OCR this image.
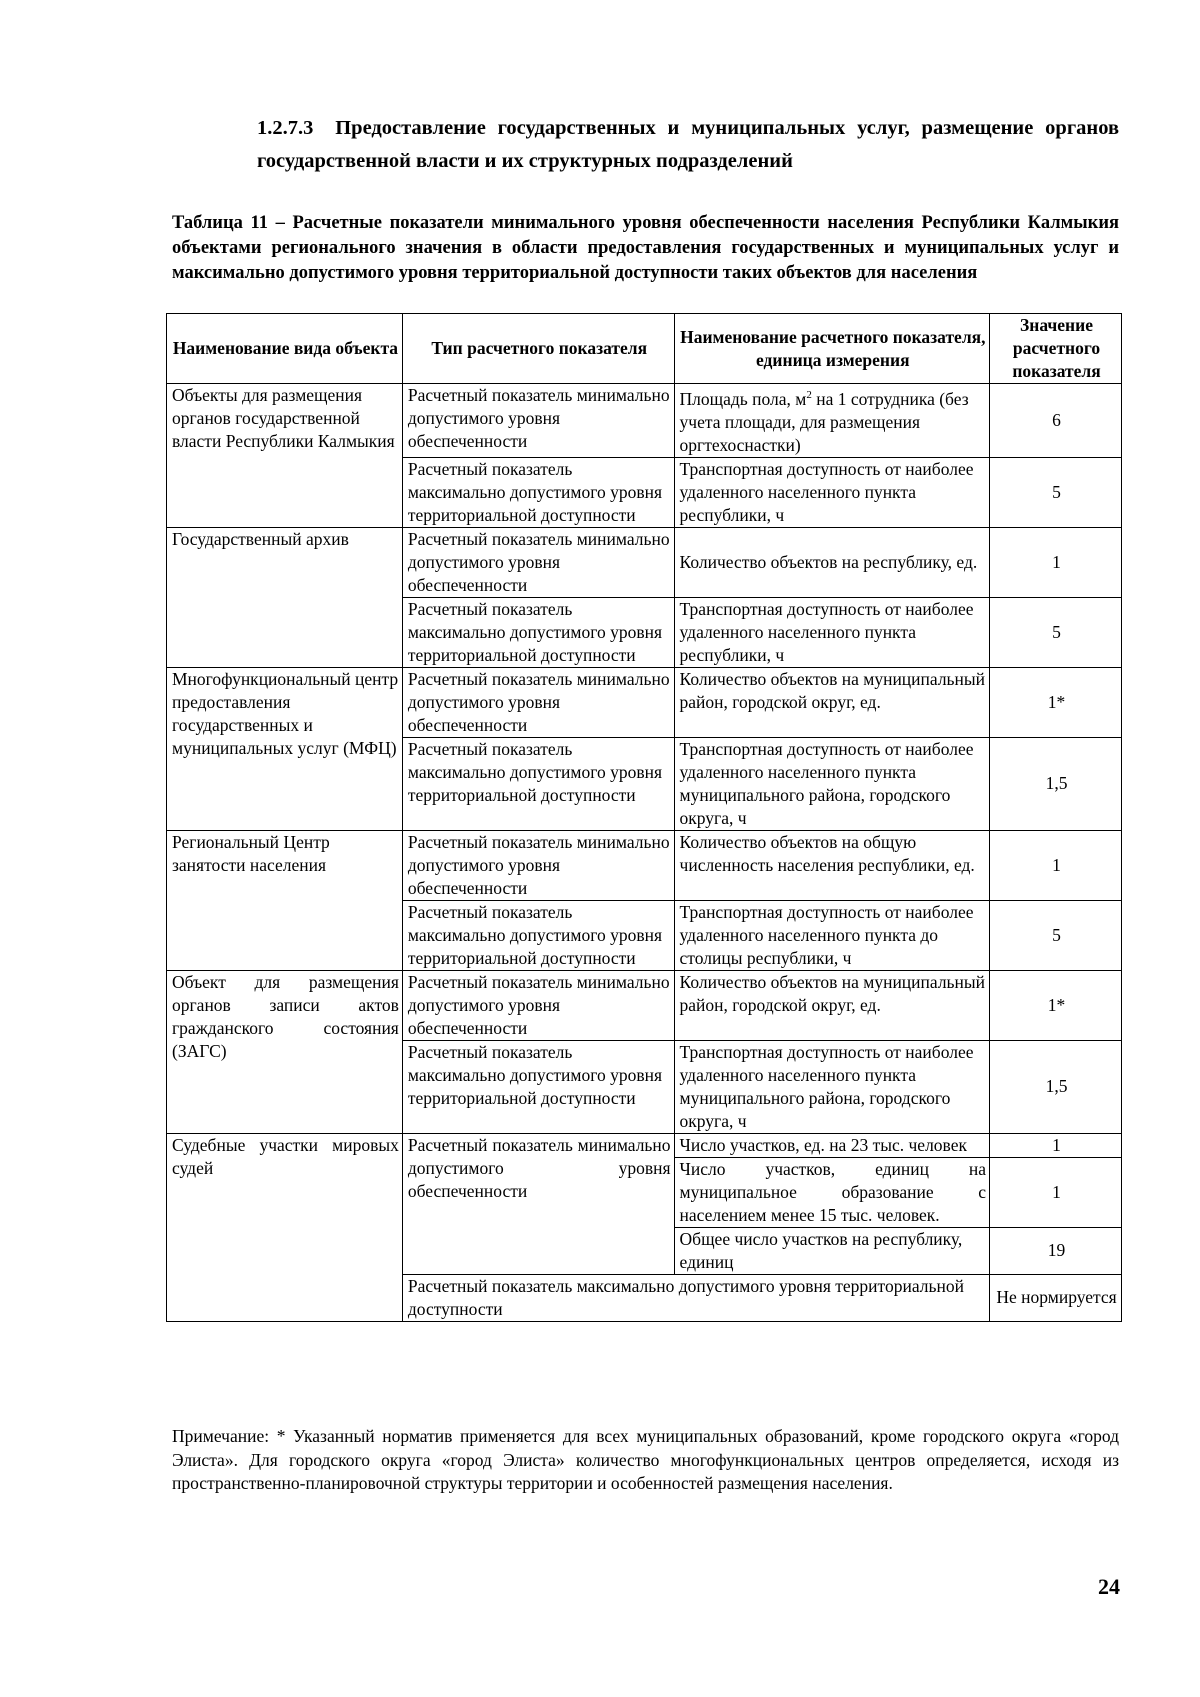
1.2.7.3 Предоставление государственных и муниципальных услуг, размещение органов государственной власти и их структурных подразделений
Таблица 11 – Расчетные показатели минимального уровня обеспеченности населения Республики Калмыкия объектами регионального значения в области предоставления государственных и муниципальных услуг и максимально допустимого уровня территориальной доступности таких объектов для населения
Наименование вида объекта	Тип расчетного показателя	Наименование расчетного показателя, единица измерения	Значение расчетного показателя
Объекты для размещения органов государственной власти Республики Калмыкия	Расчетный показатель минимально допустимого уровня обеспеченности	Площадь пола, $м^2$ на 1 сотрудника (без учета площади, для размещения оргтехоснастки)	6
	Расчетный показатель максимально допустимого уровня территориальной доступности	Транспортная доступность от наиболее удаленного населенного пункта республики, ч	5
Государственный архив	Расчетный показатель минимально допустимого уровня обеспеченности	Количество объектов на республику, ед.	1
	Расчетный показатель максимально допустимого уровня территориальной доступности	Транспортная доступность от наиболее удаленного населенного пункта республики, ч	5
Многофункциональный центр предоставления государственных и муниципальных услуг (МФЦ)	Расчетный показатель минимально допустимого уровня обеспеченности	Количество объектов на муниципальный район, городской округ, ед.	1*
	Расчетный показатель максимально допустимого уровня территориальной доступности	Транспортная доступность от наиболее удаленного населенного пункта муниципального района, городского округа, ч	1,5
Региональный Центр занятости населения	Расчетный показатель минимально допустимого уровня обеспеченности	Количество объектов на общую численность населения республики, ед.	1
	Расчетный показатель максимально допустимого уровня территориальной доступности	Транспортная доступность от наиболее удаленного населенного пункта до столицы республики, ч	5
Объект для размещения органов записи актов гражданского состояния (ЗАГС)	Расчетный показатель минимально допустимого уровня обеспеченности	Количество объектов на муниципальный район, городской округ, ед.	1*
	Расчетный показатель максимально допустимого уровня территориальной доступности	Транспортная доступность от наиболее удаленного населенного пункта муниципального района, городского округа, ч	1,5
Судебные участки мировых судей	Расчетный показатель минимально допустимого уровня обеспеченности	Число участков, ед. на 23 тыс. человек	1
		Число участков, единиц на муниципальное образование с населением менее 15 тыс. человек.	1
		Общее число участков на республику, единиц	19
	Расчетный показатель максимально допустимого уровня территориальной доступности		Не нормируется
Примечание: * Указанный норматив применяется для всех муниципальных образований, кроме городского округа «город Элиста». Для городского округа «город Элиста» количество многофункциональных центров определяется, исходя из пространственно-планировочной структуры территории и особенностей размещения населения.
24
